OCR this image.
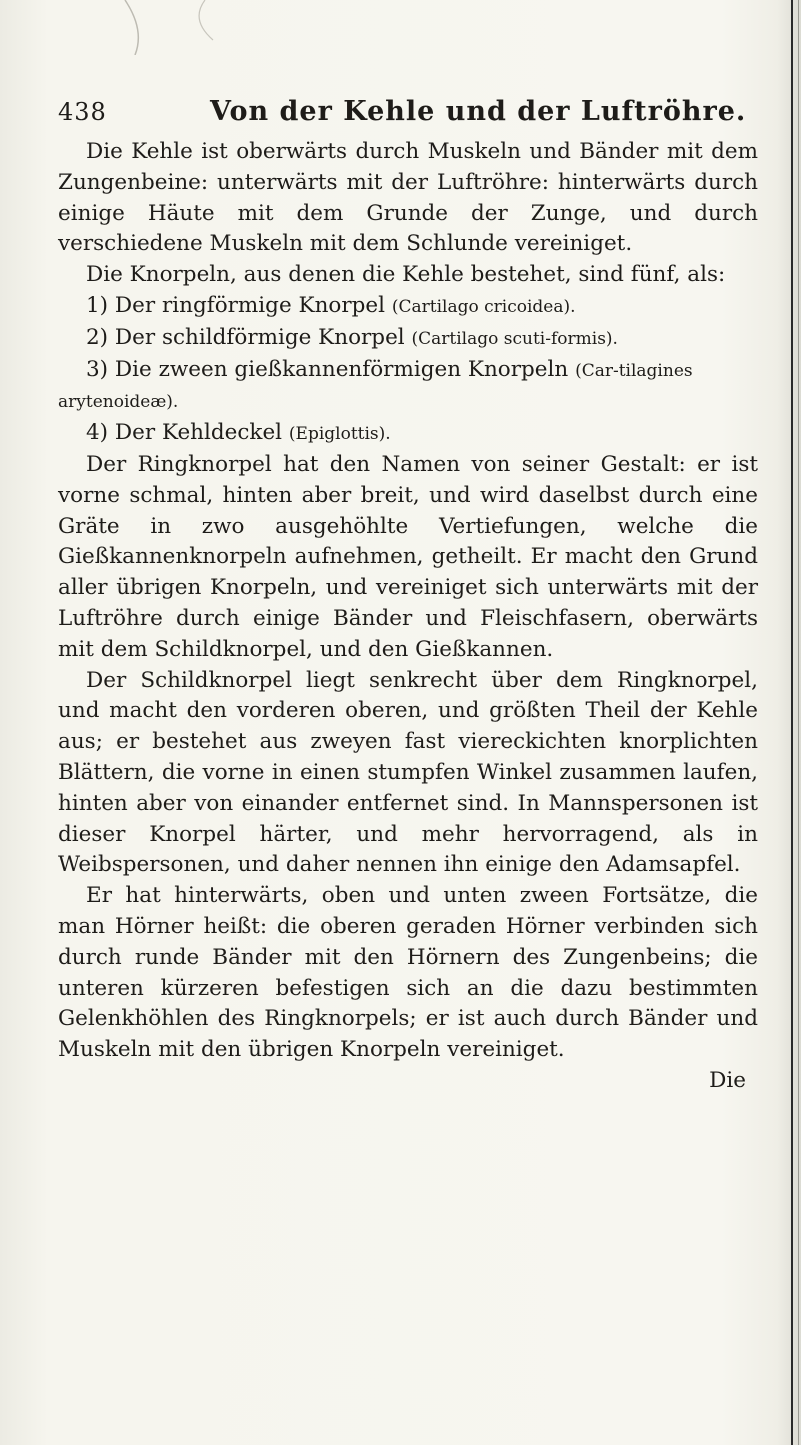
438	Von der Kehle und der Luftröhre.

Die Kehle ist oberwärts durch Muskeln und Bänder mit dem Zungenbeine: unterwärts mit der Luftröhre: hinterwärts durch einige Häute mit dem Grunde der Zunge, und durch verschiedene Muskeln mit dem Schlunde vereiniget.

Die Knorpeln, aus denen die Kehle bestehet, sind fünf, als:

1) Der ringförmige Knorpel (Cartilago cricoidea).

2) Der schildförmige Knorpel (Cartilago scuti-formis).

3) Die zween gießkannenförmigen Knorpeln (Car-tilagines arytenoideæ).

4) Der Kehldeckel (Epiglottis).

Der Ringknorpel hat den Namen von seiner Gestalt: er ist vorne schmal, hinten aber breit, und wird daselbst durch eine Gräte in zwo ausgehöhlte Vertiefungen, welche die Gießkannenknorpeln aufnehmen, getheilt. Er macht den Grund aller übrigen Knorpeln, und vereiniget sich unterwärts mit der Luftröhre durch einige Bänder und Fleischfasern, oberwärts mit dem Schildknorpel, und den Gießkannen.

Der Schildknorpel liegt senkrecht über dem Ringknorpel, und macht den vorderen oberen, und größten Theil der Kehle aus; er bestehet aus zweyen fast viereckichten knorplichten Blättern, die vorne in einen stumpfen Winkel zusammen laufen, hinten aber von einander entfernet sind. In Mannspersonen ist dieser Knorpel härter, und mehr hervorragend, als in Weibspersonen, und daher nennen ihn einige den Adamsapfel.

Er hat hinterwärts, oben und unten zween Fortsätze, die man Hörner heißt: die oberen geraden Hörner verbinden sich durch runde Bänder mit den Hörnern des Zungenbeins; die unteren kürzeren befestigen sich an die dazu bestimmten Gelenkhöhlen des Ringknorpels; er ist auch durch Bänder und Muskeln mit den übrigen Knorpeln vereiniget.

Die
